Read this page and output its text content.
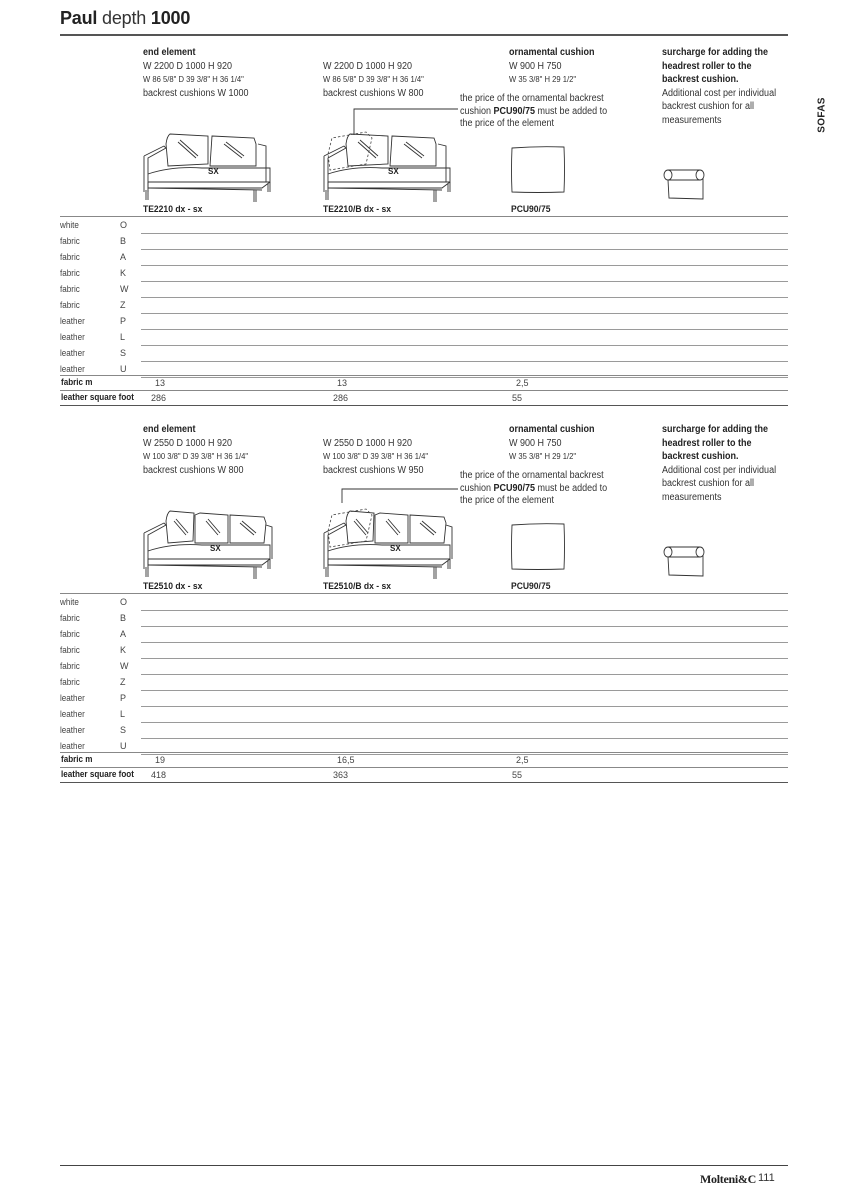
Paul depth 1000
SOFAS
end element
W 2200 D 1000 H 920
W 86 5/8" D 39 3/8" H 36 1/4"
backrest cushions W 1000
SX
TE2210 dx - sx

W 2200 D 1000 H 920
W 86 5/8" D 39 3/8" H 36 1/4"
backrest cushions W 800
SX
TE2210/B dx - sx
ornamental cushion
W 900 H 750
W 35 3/8" H 29 1/2"
the price of the ornamental backrest cushion PCU90/75 must be added to the price of the element
PCU90/75
surcharge for adding the
headrest roller to the
backrest cushion.
Additional cost per individual
backrest cushion for all
measurements
white	O
fabric	B
fabric	A
fabric	K
fabric	W
fabric	Z
leather	P
leather	L
leather	S
leather	U
fabric m	13	13	2,5
leather square foot 286	286	55
end element
W 2550 D 1000 H 920
W 100 3/8" D 39 3/8" H 36 1/4"
backrest cushions W 800
SX
TE2510 dx - sx

W 2550 D 1000 H 920
W 100 3/8" D 39 3/8" H 36 1/4"
backrest cushions W 950
SX
TE2510/B dx - sx
ornamental cushion
W 900 H 750
W 35 3/8" H 29 1/2"
the price of the ornamental backrest cushion PCU90/75 must be added to the price of the element
PCU90/75
surcharge for adding the
headrest roller to the
backrest cushion.
Additional cost per individual
backrest cushion for all
measurements
white	O
fabric	B
fabric	A
fabric	K
fabric	W
fabric	Z
leather	P
leather	L
leather	S
leather	U
fabric m	19	16,5	2,5
leather square foot 418	363	55
Molteni&C 111
